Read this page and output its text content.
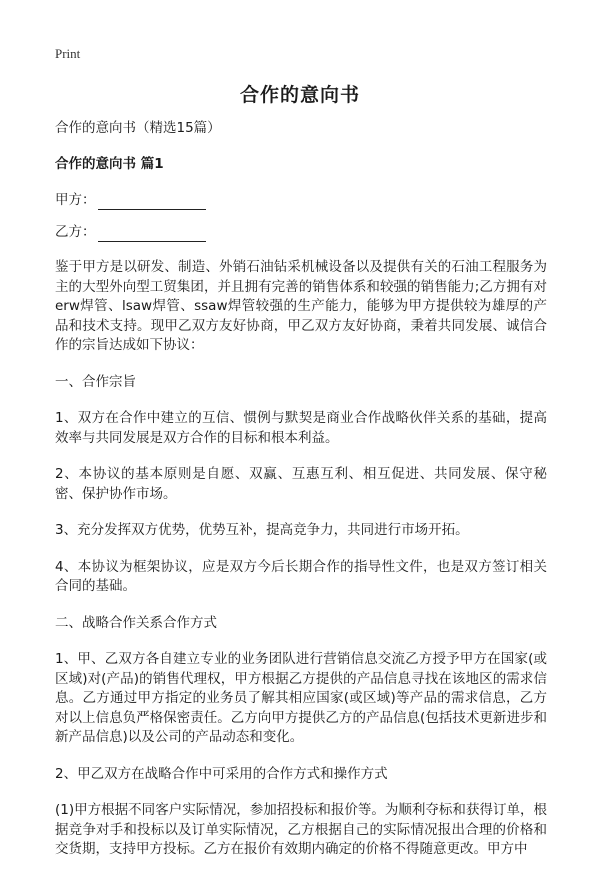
Print
合作的意向书
合作的意向书（精选15篇）
合作的意向书 篇1
甲方：
乙方：

鉴于甲方是以研发、制造、外销石油钻采机械设备以及提供有关的石油工程服务为主的大型外向型工贸集团，并且拥有完善的销售体系和较强的销售能力;乙方拥有对erw焊管、lsaw焊管、ssaw焊管较强的生产能力，能够为甲方提供较为雄厚的产品和技术支持。现甲乙双方友好协商，甲乙双方友好协商，秉着共同发展、诚信合作的宗旨达成如下协议：

一、合作宗旨

1、双方在合作中建立的互信、惯例与默契是商业合作战略伙伴关系的基础，提高效率与共同发展是双方合作的目标和根本利益。

2、本协议的基本原则是自愿、双赢、互惠互利、相互促进、共同发展、保守秘密、保护协作市场。

3、充分发挥双方优势，优势互补，提高竞争力，共同进行市场开拓。

4、本协议为框架协议，应是双方今后长期合作的指导性文件，也是双方签订相关合同的基础。

二、战略合作关系合作方式

1、甲、乙双方各自建立专业的业务团队进行营销信息交流乙方授予甲方在国家(或区域)对(产品)的销售代理权，甲方根据乙方提供的产品信息寻找在该地区的需求信息。乙方通过甲方指定的业务员了解其相应国家(或区域)等产品的需求信息，乙方对以上信息负严格保密责任。乙方向甲方提供乙方的产品信息(包括技术更新进步和新产品信息)以及公司的产品动态和变化。

2、甲乙双方在战略合作中可采用的合作方式和操作方式

(1)甲方根据不同客户实际情况，参加招投标和报价等。为顺利夺标和获得订单，根据竞争对手和投标以及订单实际情况，乙方根据自己的实际情况报出合理的价格和交货期，支持甲方投标。乙方在报价有效期内确定的价格不得随意更改。甲方中
